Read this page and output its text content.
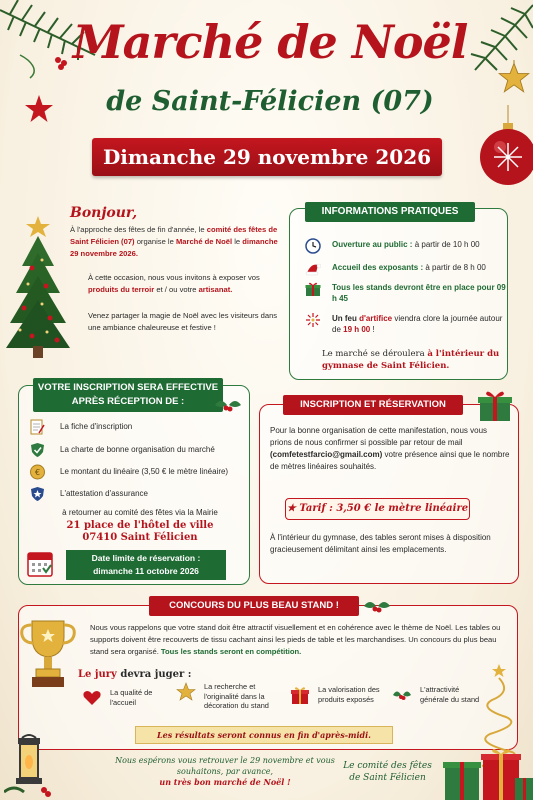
Marché de Noël
de Saint-Félicien (07)
Dimanche 29 novembre 2026
Bonjour,
À l'approche des fêtes de fin d'année, le comité des fêtes de Saint Félicien (07) organise le Marché de Noël le dimanche 29 novembre 2026.
À cette occasion, nous vous invitons à exposer vos produits du terroir et / ou votre artisanat.
Venez partager la magie de Noël avec les visiteurs dans une ambiance chaleureuse et festive !
INFORMATIONS PRATIQUES
Ouverture au public : à partir de 10 h 00
Accueil des exposants : à partir de 8 h 00
Tous les stands devront être en place pour 09 h 45
Un feu d'artifice viendra clore la journée autour de 19 h 00 !
Le marché se déroulera à l'intérieur du gymnase de Saint Félicien.
VOTRE INSCRIPTION SERA EFFECTIVE
APRÈS RÉCEPTION DE :
La fiche d'inscription
La charte de bonne organisation du marché
€ Le montant du linéaire (3,50 € le mètre linéaire)
L'attestation d'assurance
à retourner au comité des fêtes via la Mairie
21 place de l'hôtel de ville
07410 Saint Félicien
Date limite de réservation :
dimanche 11 octobre 2026
INSCRIPTION ET RÉSERVATION
Pour la bonne organisation de cette manifestation, nous vous prions de nous confirmer si possible par retour de mail (comfetestfarcio@gmail.com) votre présence ainsi que le nombre de mètres linéaires souhaités.
★ Tarif : 3,50 € le mètre linéaire
À l'intérieur du gymnase, des tables seront mises à disposition gracieusement délimitant ainsi les emplacements.
CONCOURS DU PLUS BEAU STAND !
Nous vous rappelons que votre stand doit être attractif visuellement et en cohérence avec le thème de Noël. Les tables ou supports doivent être recouverts de tissu cachant ainsi les pieds de table et les marchandises. Un concours du plus beau stand sera organisé. Tous les stands seront en compétition.
Le jury devra juger :
La qualité de l'accueil
La recherche et l'originalité dans la décoration du stand
La valorisation des produits exposés
L'attractivité générale du stand
Les résultats seront connus en fin d'après-midi.
Nous espérons vous retrouver le 29 novembre et vous souhaitons, par avance,
un très bon marché de Noël !
Le comité des fêtes de Saint Félicien
